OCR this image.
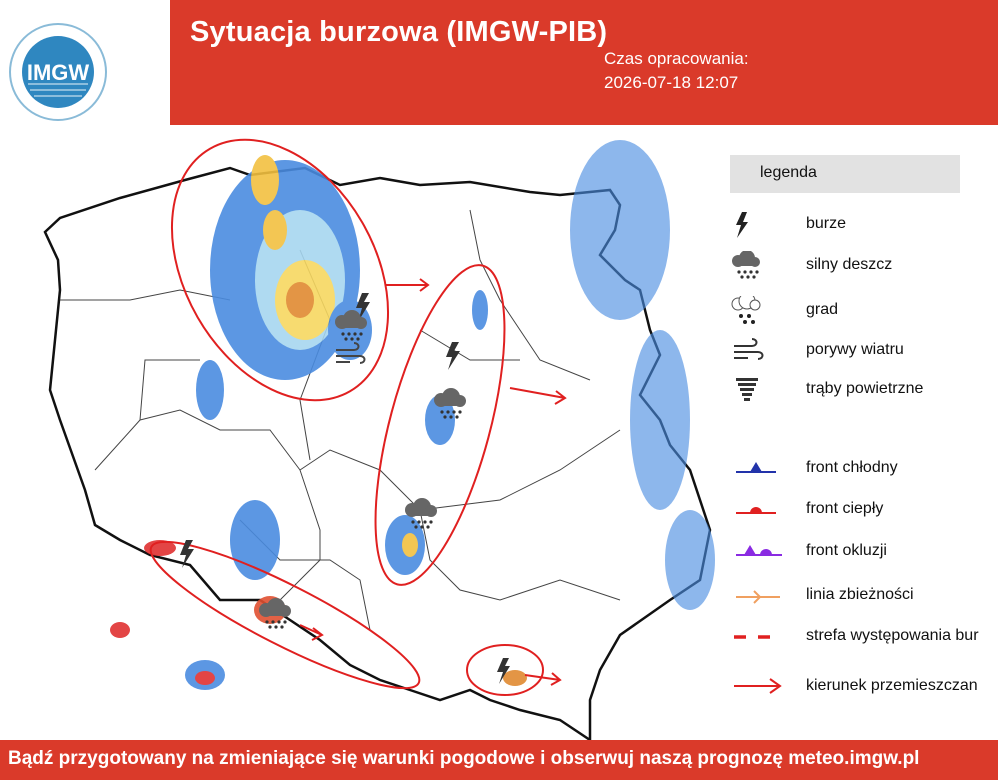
Sytuacja burzowa (IMGW-PIB)
Czas opracowania:
2026-07-18 12:07
IMGW
legenda
burze
silny deszcz
grad
porywy wiatru
trąby powietrzne
front chłodny
front ciepły
front okluzji
linia zbieżności
strefa występowania bur
kierunek przemieszczan
Bądź przygotowany na zmieniające się warunki pogodowe i obserwuj naszą prognozę meteo.imgw.pl
